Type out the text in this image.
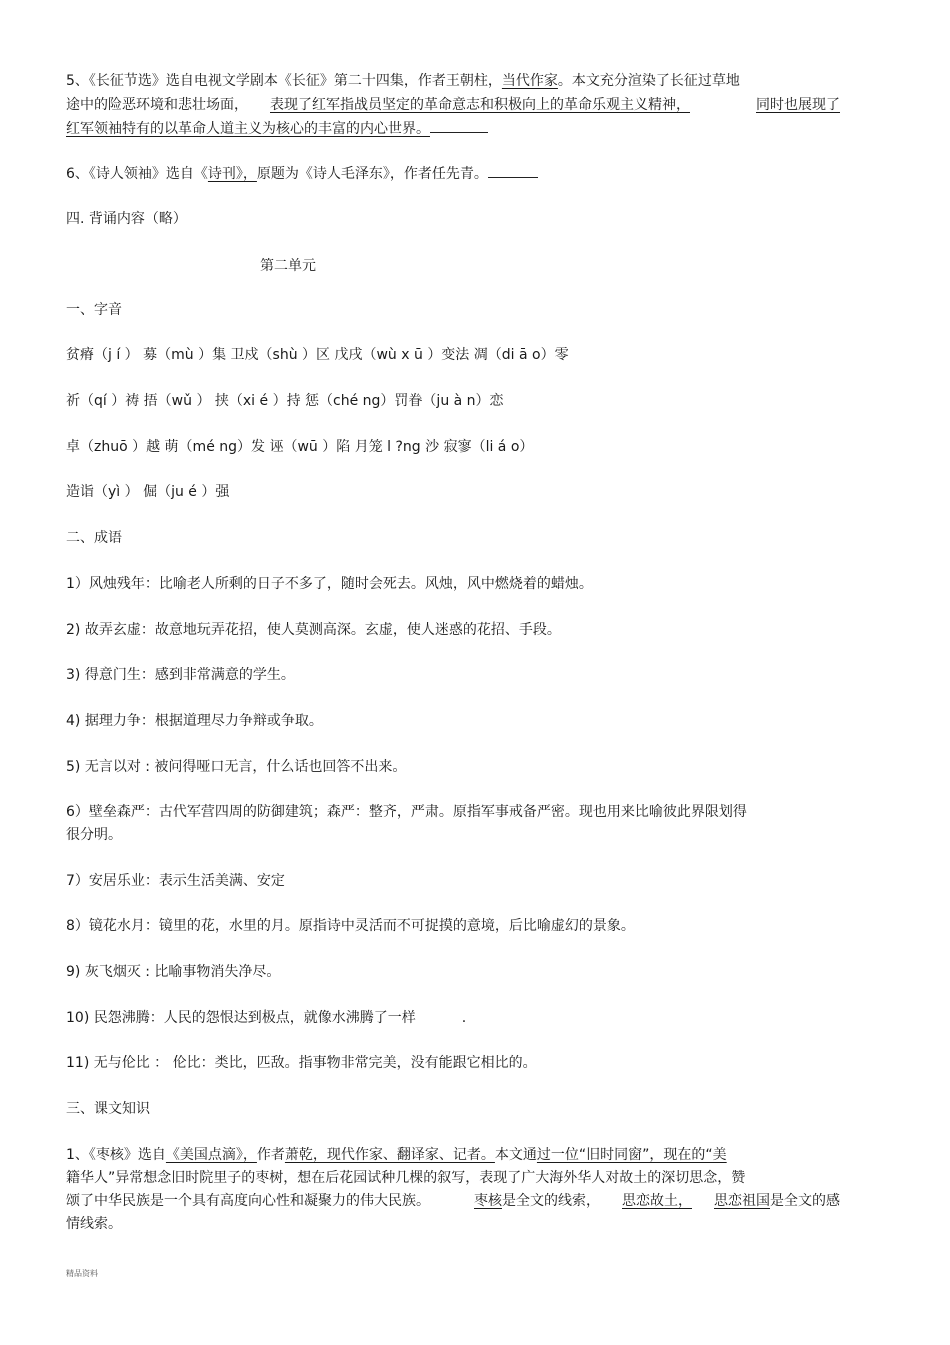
5、《长征节选》选自电视文学剧本《长征》第二十四集，作者王朝柱，当代作家。本文充分渲染了长征过草地

途中的险恶环境和悲壮场面， 表现了红军指战员坚定的革命意志和积极向上的革命乐观主义精神，	同时也展现了

红军领袖特有的以革命人道主义为核心的丰富的内心世界。

6、《诗人领袖》选自《诗刊》，原题为《诗人毛泽东》，作者任先青。

四. 背诵内容（略）

第二单元

一、字音

贫瘠（j í ） 募（mù ）集 卫戍（shù ）区 戊戌（wù x ū ）变法 凋（di ā o）零

祈（qí ）祷 捂（wǔ ） 挟（xi é ）持 惩（ché ng）罚眷（ju à n）恋

卓（zhuō ）越 萌（mé ng）发 诬（wū ）陷 月笼 l ?ng 沙 寂寥（li á o）

造诣（yì ） 倔（ju é ）强

二、成语

1）风烛残年：比喻老人所剩的日子不多了，随时会死去。风烛，风中燃烧着的蜡烛。

2) 故弄玄虚：故意地玩弄花招，使人莫测高深。玄虚，使人迷惑的花招、手段。

3) 得意门生：感到非常满意的学生。

4) 据理力争：根据道理尽力争辩或争取。

5) 无言以对 : 被问得哑口无言，什么话也回答不出来。

6）壁垒森严：古代军营四周的防御建筑；森严：整齐，严肃。原指军事戒备严密。现也用来比喻彼此界限划得

很分明。

7）安居乐业：表示生活美满、安定

8）镜花水月：镜里的花，水里的月。原指诗中灵活而不可捉摸的意境，后比喻虚幻的景象。

9) 灰飞烟灭 : 比喻事物消失净尽。

10) 民怨沸腾：人民的怨恨达到极点，就像水沸腾了一样	.

11) 无与伦比 ： 伦比：类比，匹敌。指事物非常完美，没有能跟它相比的。

三、课文知识

1、《枣核》选自《美国点滴》，作者萧乾，现代作家、翻译家、记者。本文通过一位“旧时同窗”，现在的“美

籍华人”异常想念旧时院里子的枣树，想在后花园试种几棵的叙写，表现了广大海外华人对故土的深切思念，赞

颂了中华民族是一个具有高度向心性和凝聚力的伟大民族。	枣核是全文的线索， 思恋故土， 思恋祖国是全文的感

情线索。

精品资料
